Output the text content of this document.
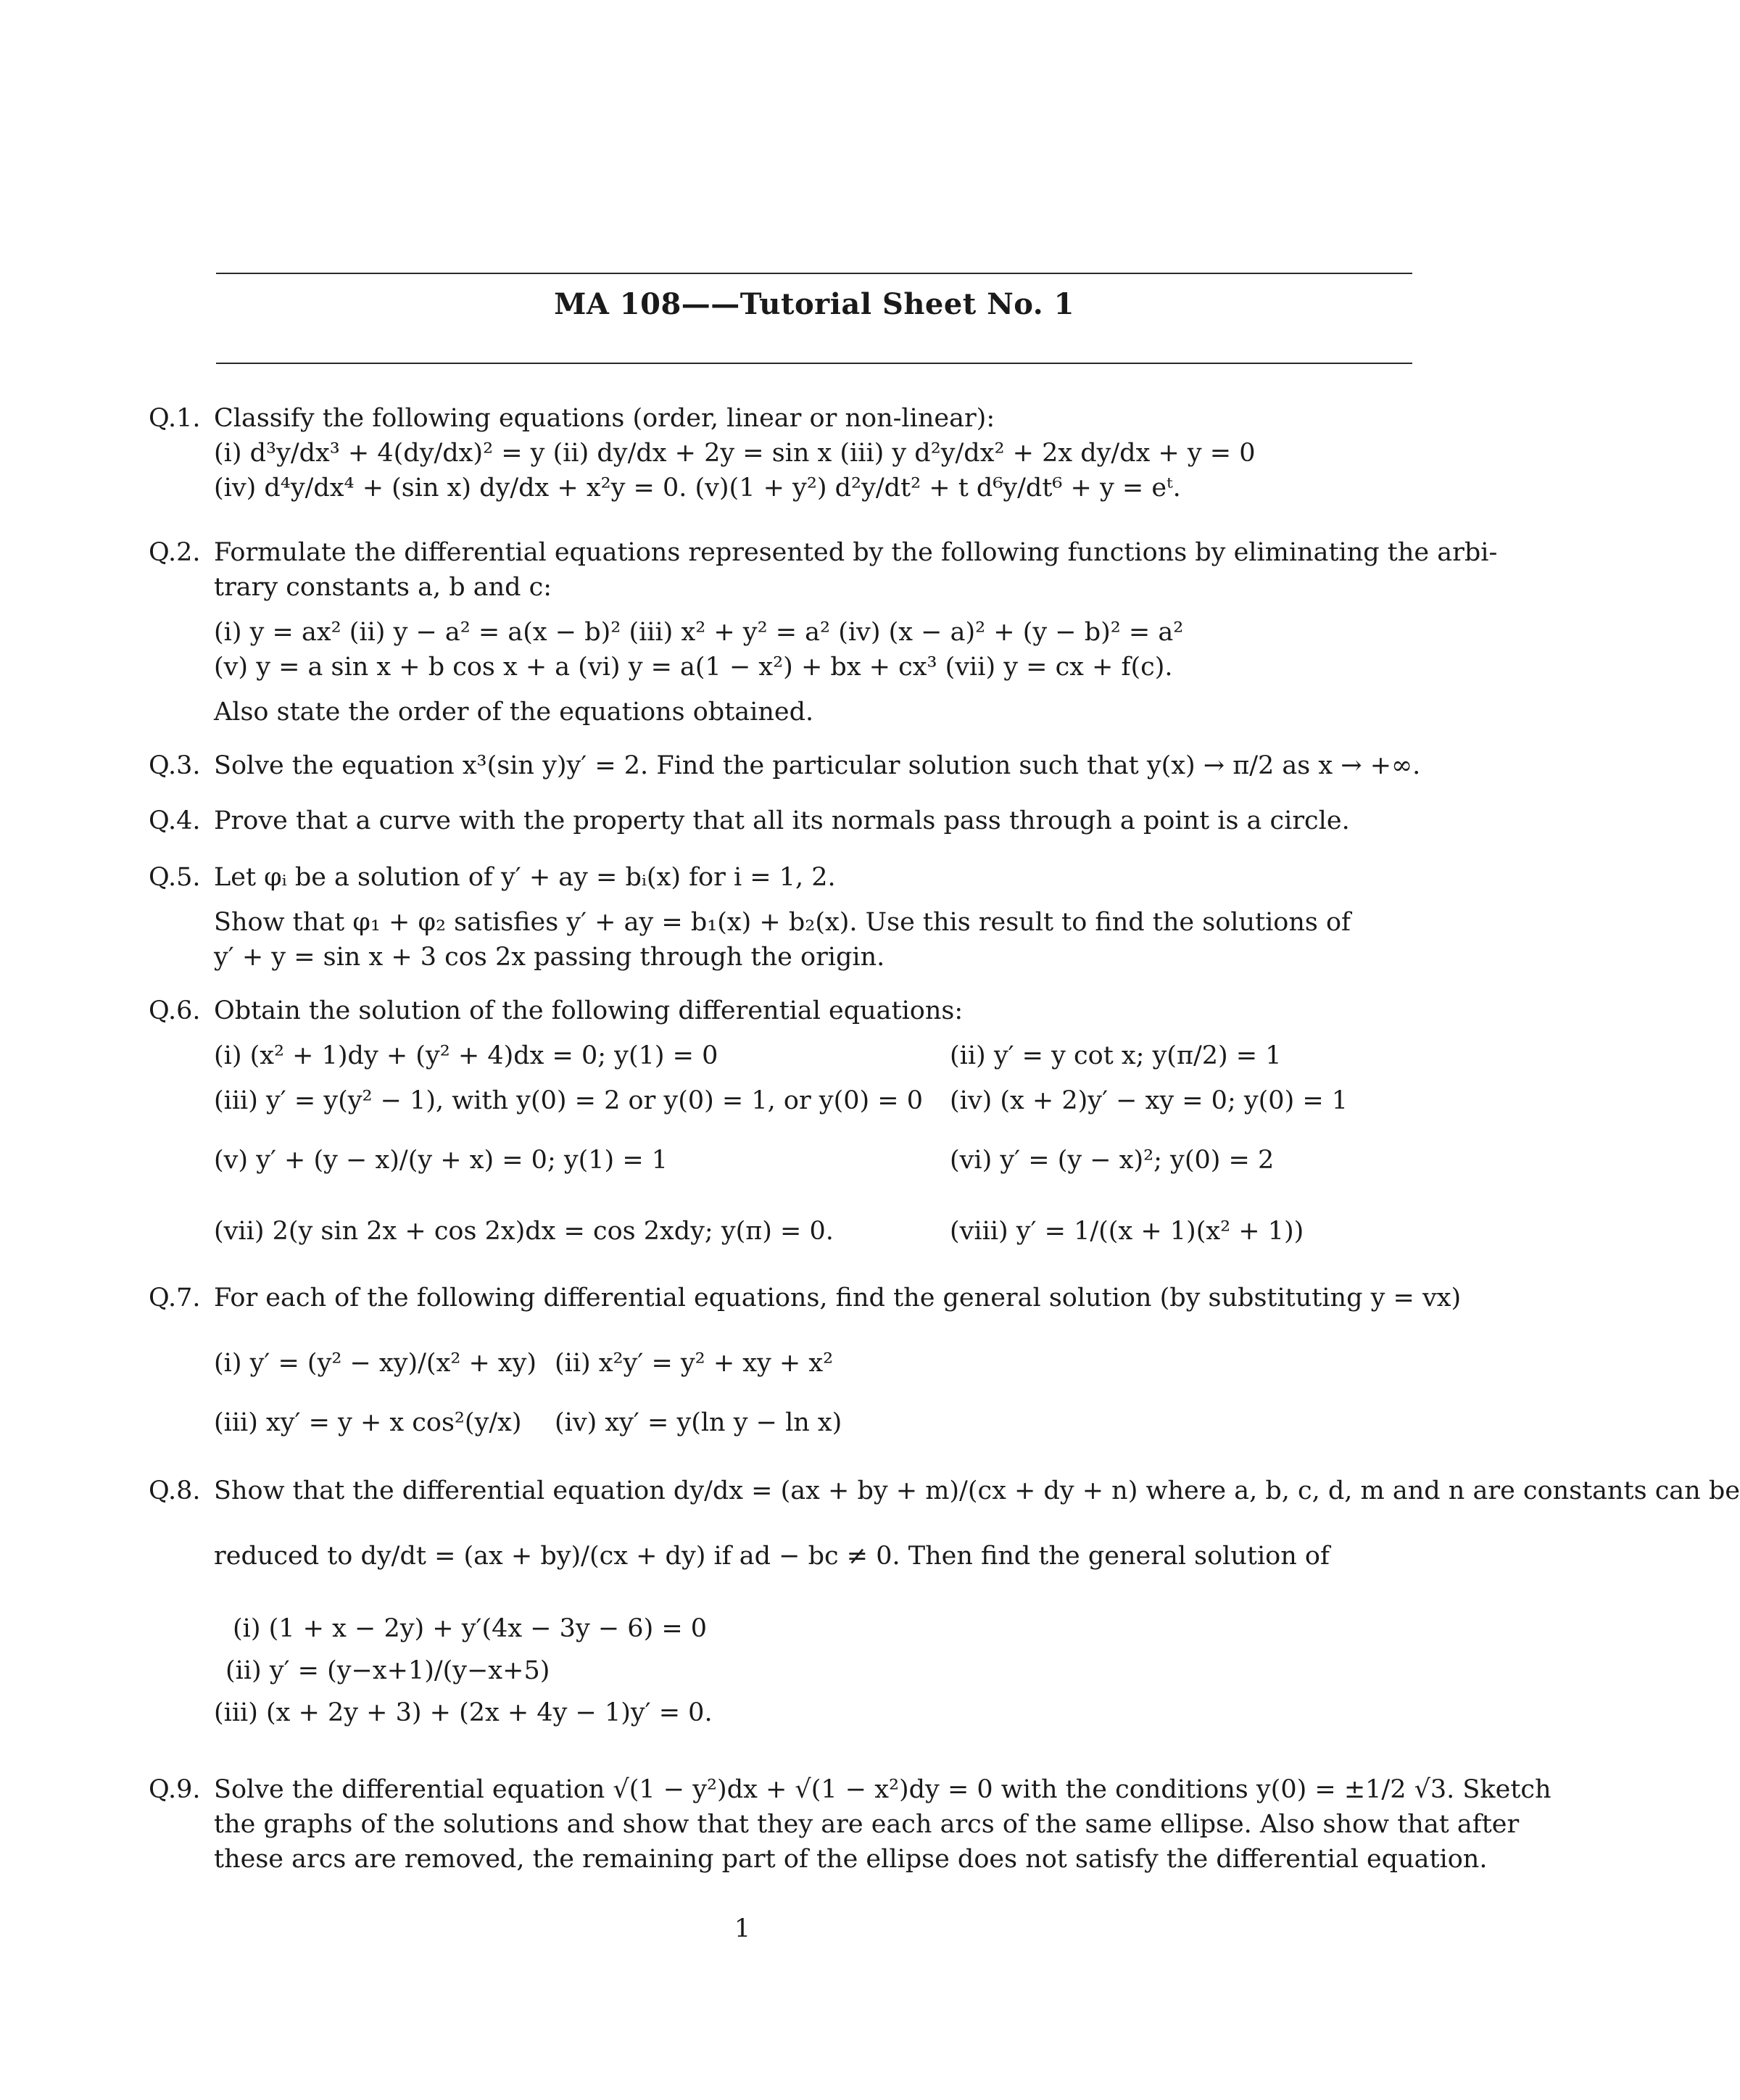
MA 108——Tutorial Sheet No. 1
Q.1. Classify the following equations (order, linear or non-linear):
(i) d³y/dx³ + 4(dy/dx)² = y (ii) dy/dx + 2y = sin x (iii) y d²y/dx² + 2x dy/dx + y = 0
(iv) d⁴y/dx⁴ + (sin x) dy/dx + x²y = 0. (v)(1 + y²) d²y/dt² + t d⁶y/dt⁶ + y = eᵗ.
Q.2. Formulate the differential equations represented by the following functions by eliminating the arbi-
trary constants a, b and c:
(i) y = ax² (ii) y − a² = a(x − b)² (iii) x² + y² = a² (iv) (x − a)² + (y − b)² = a²
(v) y = a sin x + b cos x + a (vi) y = a(1 − x²) + bx + cx³ (vii) y = cx + f(c).
Also state the order of the equations obtained.
Q.3. Solve the equation x³(sin y)y′ = 2. Find the particular solution such that y(x) → π/2 as x → +∞.
Q.4. Prove that a curve with the property that all its normals pass through a point is a circle.
Q.5. Let φᵢ be a solution of y′ + ay = bᵢ(x) for i = 1, 2.
Show that φ₁ + φ₂ satisfies y′ + ay = b₁(x) + b₂(x). Use this result to find the solutions of
y′ + y = sin x + 3 cos 2x passing through the origin.
Q.6. Obtain the solution of the following differential equations:
(i) (x² + 1)dy + (y² + 4)dx = 0; y(1) = 0	(ii) y′ = y cot x; y(π/2) = 1
(iii) y′ = y(y² − 1), with y(0) = 2 or y(0) = 1, or y(0) = 0 (iv) (x + 2)y′ − xy = 0; y(0) = 1
(v) y′ + (y − x)/(y + x) = 0; y(1) = 1	(vi) y′ = (y − x)²; y(0) = 2
(vii) 2(y sin 2x + cos 2x)dx = cos 2xdy; y(π) = 0.	(viii) y′ = 1/((x + 1)(x² + 1))
Q.7. For each of the following differential equations, find the general solution (by substituting y = vx)
(i) y′ = (y² − xy)/(x² + xy) (ii) x²y′ = y² + xy + x²
(iii) xy′ = y + x cos²(y/x)	(iv) xy′ = y(ln y − ln x)
Q.8. Show that the differential equation dy/dx = (ax + by + m)/(cx + dy + n) where a, b, c, d, m and n are constants can be
reduced to dy/dt = (ax + by)/(cx + dy) if ad − bc ≠ 0. Then find the general solution of
(i) (1 + x − 2y) + y′(4x − 3y − 6) = 0
(ii) y′ = (y−x+1)/(y−x+5)
(iii) (x + 2y + 3) + (2x + 4y − 1)y′ = 0.
Q.9. Solve the differential equation √(1 − y²)dx + √(1 − x²)dy = 0 with the conditions y(0) = ±1/2 √3. Sketch
the graphs of the solutions and show that they are each arcs of the same ellipse. Also show that after
these arcs are removed, the remaining part of the ellipse does not satisfy the differential equation.
1
